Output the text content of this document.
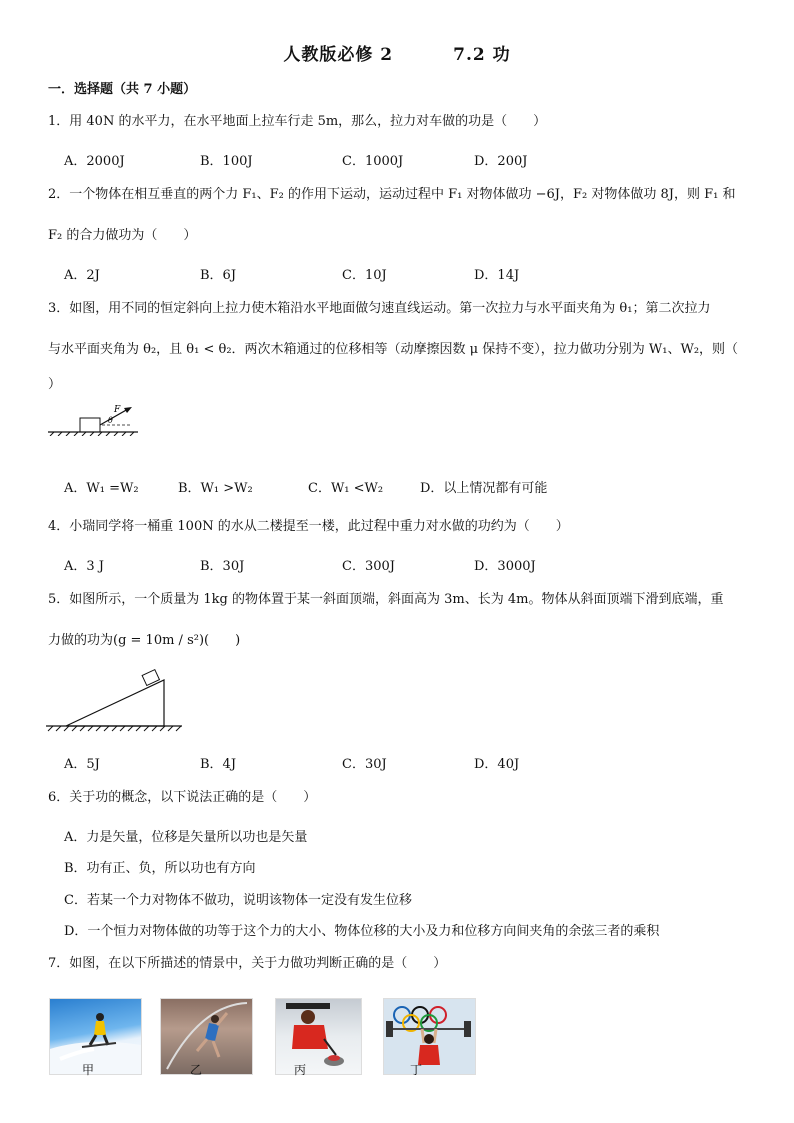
人教版必修 2	7.2 功
一．选择题（共 7 小题）
1．用 40N 的水平力，在水平地面上拉车行走 5m，那么，拉力对车做的功是（　　）
A．2000J	B．100J	C．1000J	D．200J
2．一个物体在相互垂直的两个力 F₁、F₂ 的作用下运动，运动过程中 F₁ 对物体做功 −6J，F₂ 对物体做功 8J，则 F₁ 和
F₂ 的合力做功为（　　）
A．2J	B．6J	C．10J	D．14J
3．如图，用不同的恒定斜向上拉力使木箱沿水平地面做匀速直线运动。第一次拉力与水平面夹角为 θ₁；第二次拉力
与水平面夹角为 θ₂，且 θ₁ < θ₂．两次木箱通过的位移相等（动摩擦因数 μ 保持不变），拉力做功分别为 W₁、W₂，则（
）
F
θ
A．W₁ =W₂	B．W₁ >W₂	C．W₁ <W₂	D．以上情况都有可能
4．小瑞同学将一桶重 100N 的水从二楼提至一楼，此过程中重力对水做的功约为（　　）
A．3 J	B．30J	C．300J	D．3000J
5．如图所示，一个质量为 1kg 的物体置于某一斜面顶端，斜面高为 3m、长为 4m。物体从斜面顶端下滑到底端，重
力做的功为(g = 10m / s²)(　　)
A．5J	B．4J	C．30J	D．40J
6．关于功的概念，以下说法正确的是（　　）
A．力是矢量，位移是矢量所以功也是矢量
B．功有正、负，所以功也有方向
C．若某一个力对物体不做功，说明该物体一定没有发生位移
D．一个恒力对物体做的功等于这个力的大小、物体位移的大小及力和位移方向间夹角的余弦三者的乘积
7．如图，在以下所描述的情景中，关于力做功判断正确的是（　　）
甲	乙	丙	丁
